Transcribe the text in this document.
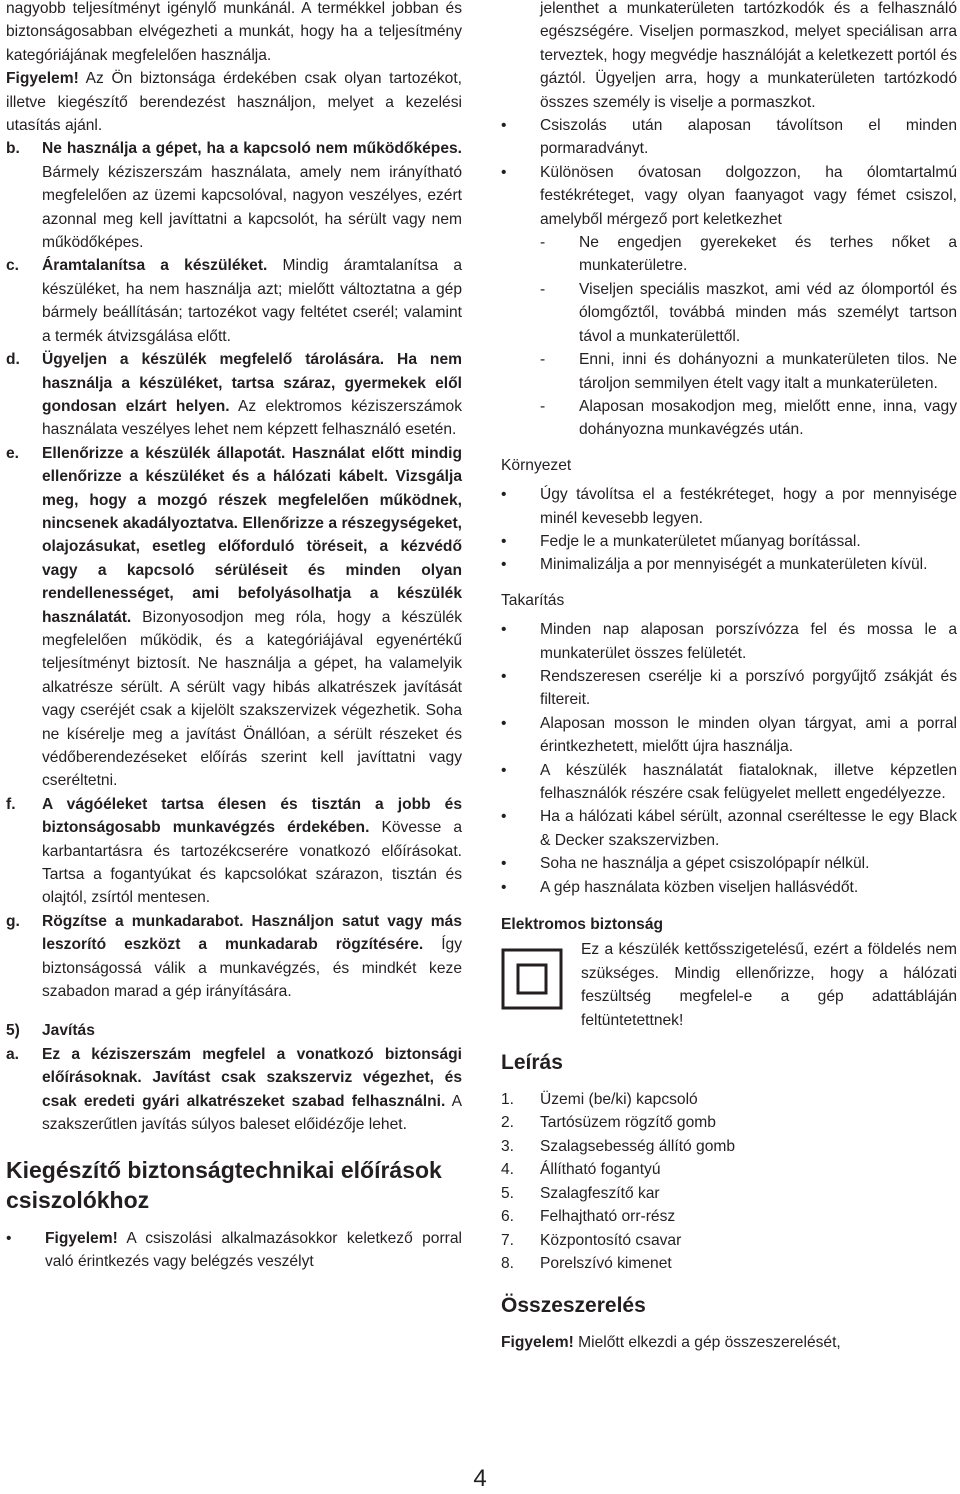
nagyobb teljesítményt igénylő munkánál. A termékkel jobban és biztonságosabban elvégezheti a munkát, hogy ha a teljesítmény kategóriájának megfelelően használja.
Figyelem! Az Ön biztonsága érdekében csak olyan tartozékot, illetve kiegészítő berendezést használjon, melyet a kezelési utasítás ajánl.

b. Ne használja a gépet, ha a kapcsoló nem működőképes. Bármely kéziszerszám használata, amely nem irányítható megfelelően az üzemi kapcsolóval, nagyon veszélyes, ezért azonnal meg kell javíttatni a kapcsolót, ha sérült vagy nem működőképes.
c. Áramtalanítsa a készüléket. Mindig áramtalanítsa a készüléket, ha nem használja azt; mielőtt változtatna a gép bármely beállításán; tartozékot vagy feltétet cserél; valamint a termék átvizsgálása előtt.
d. Ügyeljen a készülék megfelelő tárolására. Ha nem használja a készüléket, tartsa száraz, gyermekek elől gondosan elzárt helyen. Az elektromos kéziszerszámok használata veszélyes lehet nem képzett felhasználó esetén.
e. Ellenőrizze a készülék állapotát. Használat előtt mindig ellenőrizze a készüléket és a hálózati kábelt. Vizsgálja meg, hogy a mozgó részek megfelelően működnek, nincsenek akadályoztatva. Ellenőrizze a részegységeket, olajozásukat, esetleg előforduló töréseit, a kézvédő vagy a kapcsoló sérüléseit és minden olyan rendellenességet, ami befolyásolhatja a készülék használatát. Bizonyosodjon meg róla, hogy a készülék megfelelően működik, és a kategóriájával egyenértékű teljesítményt biztosít. Ne használja a gépet, ha valamelyik alkatrésze sérült. A sérült vagy hibás alkatrészek javítását vagy cseréjét csak a kijelölt szakszervizek végezhetik. Soha ne kísérelje meg a javítást Önállóan, a sérült részeket és védőberendezéseket előírás szerint kell javíttatni vagy cseréltetni.
f. A vágóéleket tartsa élesen és tisztán a jobb és biztonságosabb munkavégzés érdekében. Kövesse a karbantartásra és tartozékcserére vonatkozó előírásokat. Tartsa a fogantyúkat és kapcsolókat szárazon, tisztán és olajtól, zsírtól mentesen.
g. Rögzítse a munkadarabot. Használjon satut vagy más leszorító eszközt a munkadarab rögzítésére. Így biztonságossá válik a munkavégzés, és mindkét keze szabadon marad a gép irányítására.
5) Javítás
a. Ez a kéziszerszám megfelel a vonatkozó biztonsági előírásoknak. Javítást csak szakszerviz végezhet, és csak eredeti gyári alkatrészeket szabad felhasználni. A szakszerűtlen javítás súlyos baleset előidézője lehet.
Kiegészítő biztonságtechnikai előírások csiszolókhoz
• Figyelem! A csiszolási alkalmazásokkor keletkező porral való érintkezés vagy belégzés veszélyt

jelenthet a munkaterületen tartózkodók és a felhasználó egészségére. Viseljen pormaszkod, melyet speciálisan arra terveztek, hogy megvédje használóját a keletkezett portól és gáztól. Ügyeljen arra, hogy a munkaterületen tartózkodó összes személy is viselje a pormaszkot.

• Csiszolás után alaposan távolítson el minden pormaradványt.
• Különösen óvatosan dolgozzon, ha ólomtartalmú festékréteget, vagy olyan faanyagot vagy fémet csiszol, amelyből mérgező port keletkezhet
- Ne engedjen gyerekeket és terhes nőket a munkaterületre.
- Viseljen speciális maszkot, ami véd az ólomportól és ólomgőztől, továbbá minden más személyt tartson távol a munkaterülettől.
- Enni, inni és dohányozni a munkaterületen tilos. Ne tároljon semmilyen ételt vagy italt a munkaterületen.
- Alaposan mosakodjon meg, mielőtt enne, inna, vagy dohányozna munkavégzés után.
Környezet
• Úgy távolítsa el a festékréteget, hogy a por mennyisége minél kevesebb legyen.
• Fedje le a munkaterületet műanyag borítással.
• Minimalizálja a por mennyiségét a munkaterületen kívül.
Takarítás
• Minden nap alaposan porszívózza fel és mossa le a munkaterület összes felületét.
• Rendszeresen cserélje ki a porszívó porgyűjtő zsákját és filtereit.
• Alaposan mosson le minden olyan tárgyat, ami a porral érintkezhetett, mielőtt újra használja.
• A készülék használatát fiataloknak, illetve képzetlen felhasználók részére csak felügyelet mellett engedélyezze.
• Ha a hálózati kábel sérült, azonnal cseréltesse le egy Black & Decker szakszervizben.
• Soha ne használja a gépet csiszolópapír nélkül.
• A gép használata közben viseljen hallásvédőt.
Elektromos biztonság

Ez a készülék kettősszigetelésű, ezért a földelés nem szükséges. Mindig ellenőrizze, hogy a hálózati feszültség megfelel-e a gép adattábláján feltüntetettnek!

Leírás
1. Üzemi (be/ki) kapcsoló
2. Tartósüzem rögzítő gomb
3. Szalagsebesség állító gomb
4. Állítható fogantyú
5. Szalagfeszítő kar
6. Felhajtható orr-rész
7. Központosító csavar
8. Porelszívó kimenet
Összeszerelés

Figyelem! Mielőtt elkezdi a gép összeszerelését,

4
